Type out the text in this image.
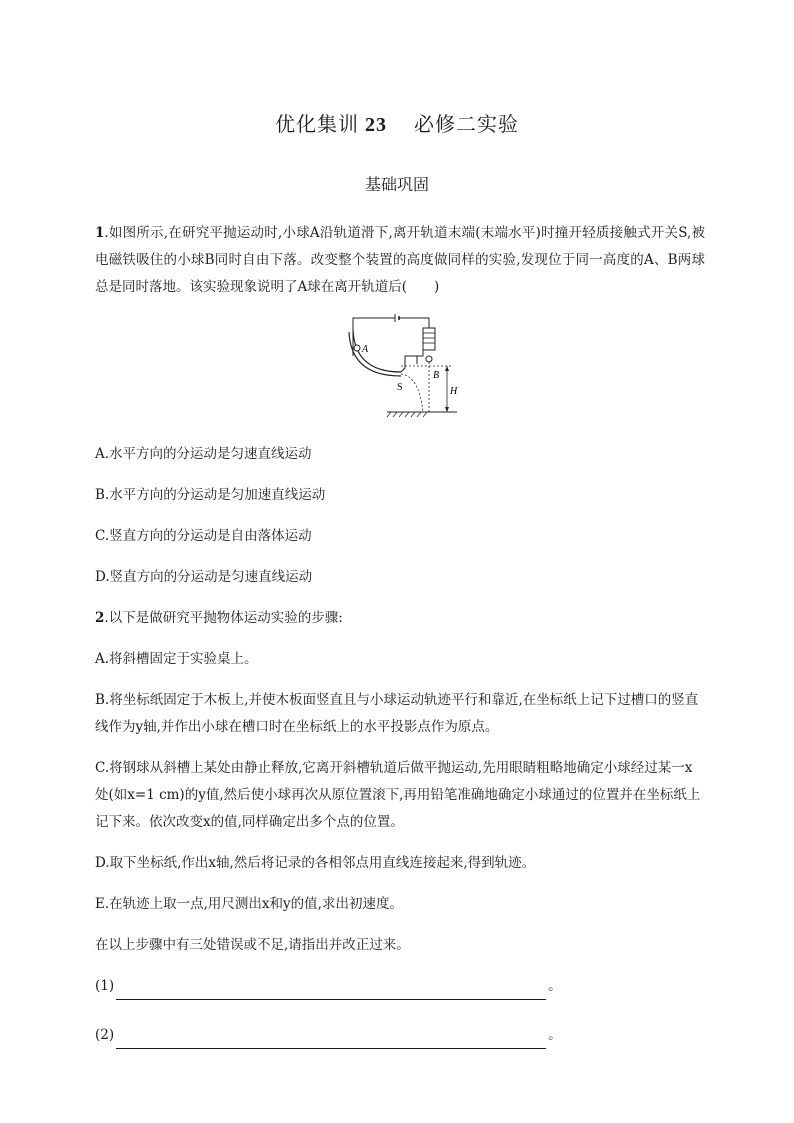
优化集训 23　 必修二实验
基础巩固
1.如图所示,在研究平抛运动时,小球A沿轨道滑下,离开轨道末端(末端水平)时撞开轻质接触式开关S,被电磁铁吸住的小球B同时自由下落。改变整个装置的高度做同样的实验,发现位于同一高度的A、B两球总是同时落地。该实验现象说明了A球在离开轨道后(　　)
A
S
B
H
A.水平方向的分运动是匀速直线运动
B.水平方向的分运动是匀加速直线运动
C.竖直方向的分运动是自由落体运动
D.竖直方向的分运动是匀速直线运动
2.以下是做研究平抛物体运动实验的步骤:
A.将斜槽固定于实验桌上。
B.将坐标纸固定于木板上,并使木板面竖直且与小球运动轨迹平行和靠近,在坐标纸上记下过槽口的竖直线作为y轴,并作出小球在槽口时在坐标纸上的水平投影点作为原点。
C.将钢球从斜槽上某处由静止释放,它离开斜槽轨道后做平抛运动,先用眼睛粗略地确定小球经过某一x处(如x=1 cm)的y值,然后使小球再次从原位置滚下,再用铅笔准确地确定小球通过的位置并在坐标纸上记下来。依次改变x的值,同样确定出多个点的位置。
D.取下坐标纸,作出x轴,然后将记录的各相邻点用直线连接起来,得到轨迹。
E.在轨迹上取一点,用尺测出x和y的值,求出初速度。
在以上步骤中有三处错误或不足,请指出并改正过来。
(1)	。
(2)	。
